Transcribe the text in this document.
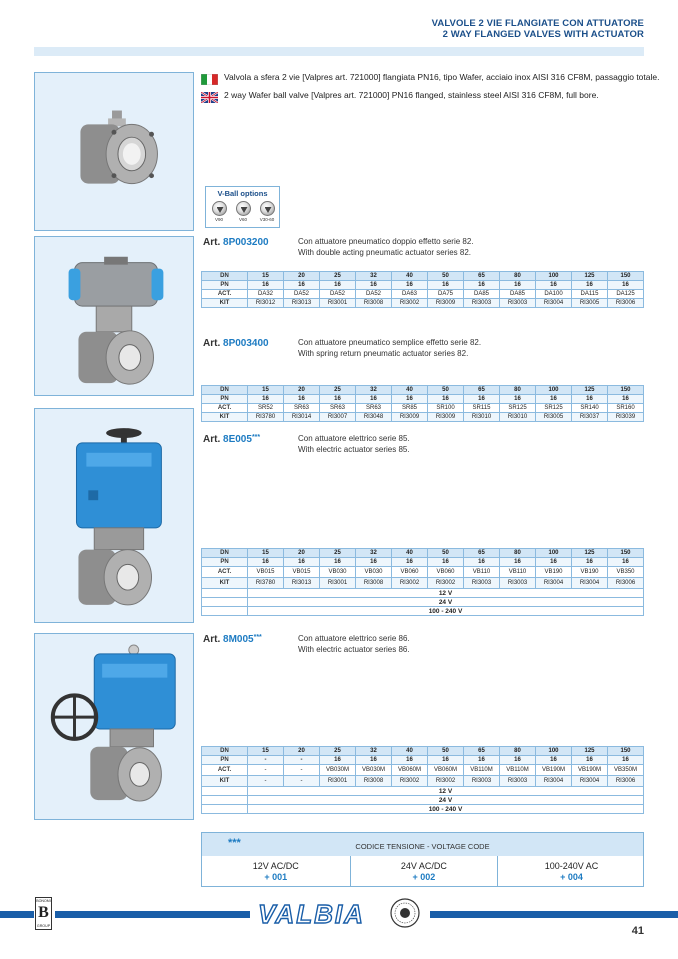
VALVOLE 2 VIE FLANGIATE CON ATTUATORE
2 WAY FLANGED VALVES WITH ACTUATOR
Valvola a sfera 2 vie [Valpres art. 721000] flangiata PN16, tipo Wafer, acciaio inox AISI 316 CF8M, passaggio totale.
2 way Wafer ball valve [Valpres art. 721000] PN16 flanged, stainless steel AISI 316 CF8M, full bore.
V-Ball options
V90	V60	V30-60
Art. 8P003200	Con attuatore pneumatico doppio effetto serie 82.
With double acting pneumatic actuator series 82.
DN	15	20	25	32	40	50	65	80	100	125	150
PN	16	16	16	16	16	16	16	16	16	16	16
ACT.	DA32	DA52	DA52	DA52	DA63	DA75	DA85	DA85	DA100	DA115	DA125
KIT	RI3012	RI3013	RI3001	RI3008	RI3002	RI3009	RI3003	RI3003	RI3004	RI3005	RI3006
Art. 8P003400	Con attuatore pneumatico semplice effetto serie 82.
With spring return pneumatic actuator series 82.
DN	15	20	25	32	40	50	65	80	100	125	150
PN	16	16	16	16	16	16	16	16	16	16	16
ACT.	SR52	SR63	SR63	SR63	SR85	SR100	SR115	SR125	SR125	SR140	SR160
KIT	RI3780	RI3014	RI3007	RI3048	RI3009	RI3009	RI3010	RI3010	RI3005	RI3037	RI3039
Art. 8E005***	Con attuatore elettrico serie 85.
With electric actuator series 85.
DN	15	20	25	32	40	50	65	80	100	125	150
PN	16	16	16	16	16	16	16	16	16	16	16
ACT.	VB015	VB015	VB030	VB030	VB060	VB060	VB110	VB110	VB190	VB190	VB350
KIT	RI3780	RI3013	RI3001	RI3008	RI3002	RI3002	RI3003	RI3003	RI3004	RI3004	RI3006
	12 V										
	24 V										
	100 - 240 V										
Art. 8M005***	Con attuatore elettrico serie 86.
With electric actuator series 86.
DN	15	20	25	32	40	50	65	80	100	125	150
PN	-	-	16	16	16	16	16	16	16	16	16
ACT.	-	-	VB030M	VB030M	VB060M	VB060M	VB110M	VB110M	VB190M	VB190M	VB350M
KIT	-	-	RI3001	RI3008	RI3002	RI3002	RI3003	RI3003	RI3004	RI3004	RI3006
	12 V										
	24 V										
	100 - 240 V										
***	CODICE TENSIONE - VOLTAGE CODE
12V AC/DC
+ 001
24V AC/DC
+ 002
100-240V AC
+ 004
BONOMI
B
GROUP	VALBIA
41
